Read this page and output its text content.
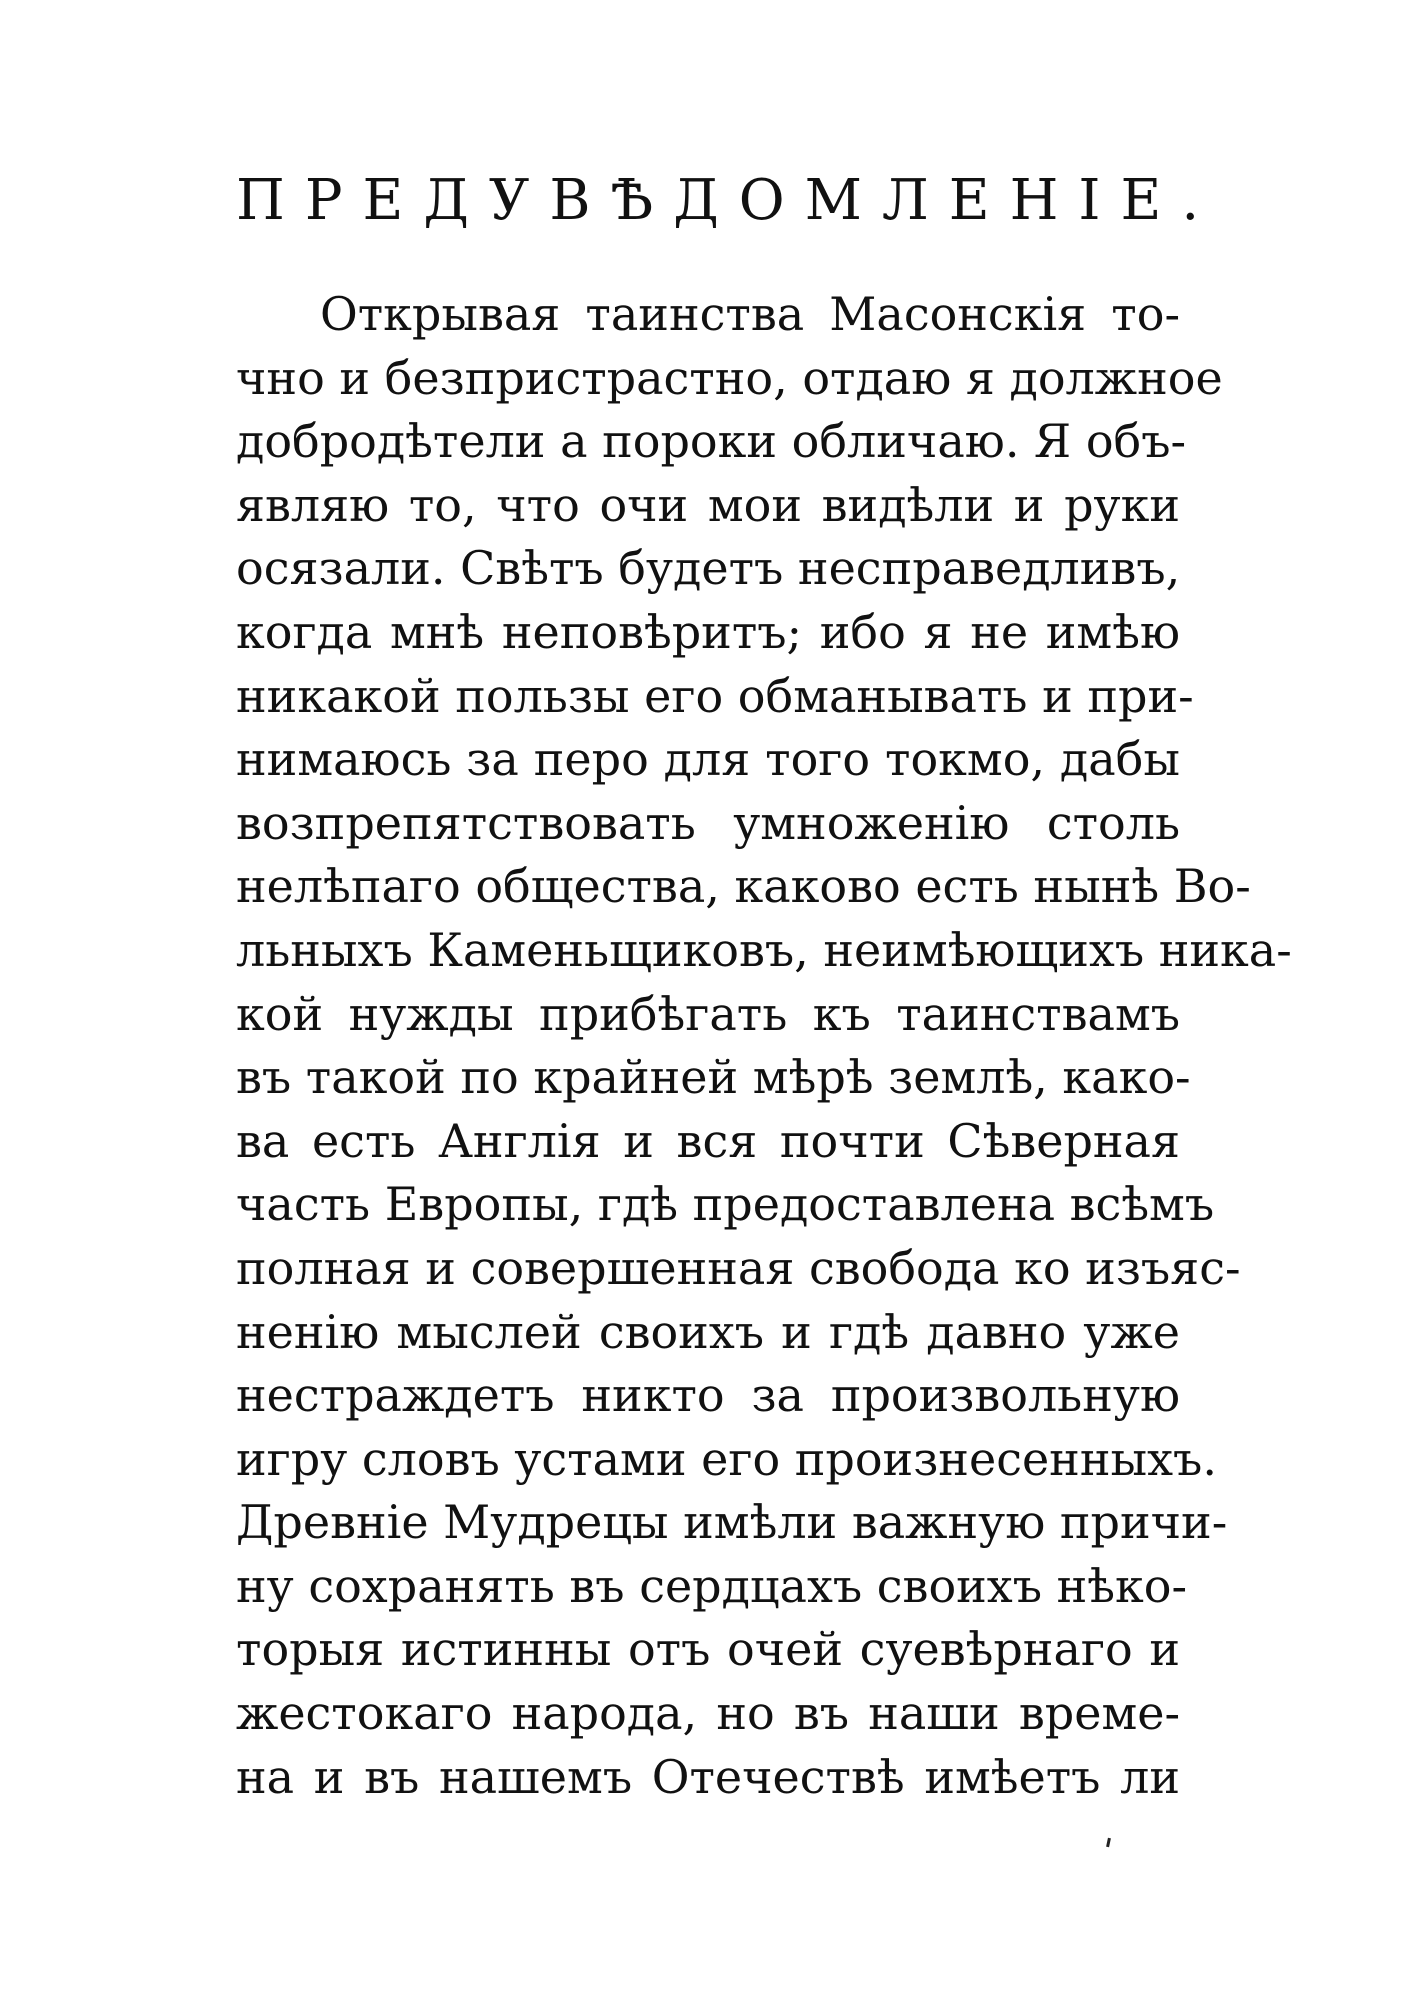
ПРЕДУВѢДОМЛЕНІЕ.
Открывая таинства Масонскія то-
чно и безпристрастно, отдаю я должное
добродѣтели а пороки обличаю. Я объ-
являю то, что очи мои видѣли и руки
осязали. Свѣтъ будетъ несправедливъ,
когда мнѣ неповѣритъ; ибо я не имѣю
никакой пользы его обманывать и при-
нимаюсь за перо для того токмо, дабы
возпрепятствовать умноженію столь
нелѣпаго общества, каково есть нынѣ Во-
льныхъ Каменьщиковъ, неимѣющихъ ника-
кой нужды прибѣгать къ таинствамъ
въ такой по крайней мѣрѣ землѣ, како-
ва есть Англія и вся почти Сѣверная
часть Европы, гдѣ предоставлена всѣмъ
полная и совершенная свобода ко изъяс-
ненію мыслей своихъ и гдѣ давно уже
нестраждетъ никто за произвольную
игру словъ устами его произнесенныхъ.
Древніе Мудрецы имѣли важную причи-
ну сохранять въ сердцахъ своихъ нѣко-
торыя истинны отъ очей суевѣрнаго и
жестокаго народа, но въ наши време-
на и въ нашемъ Отечествѣ имѣетъ ли
